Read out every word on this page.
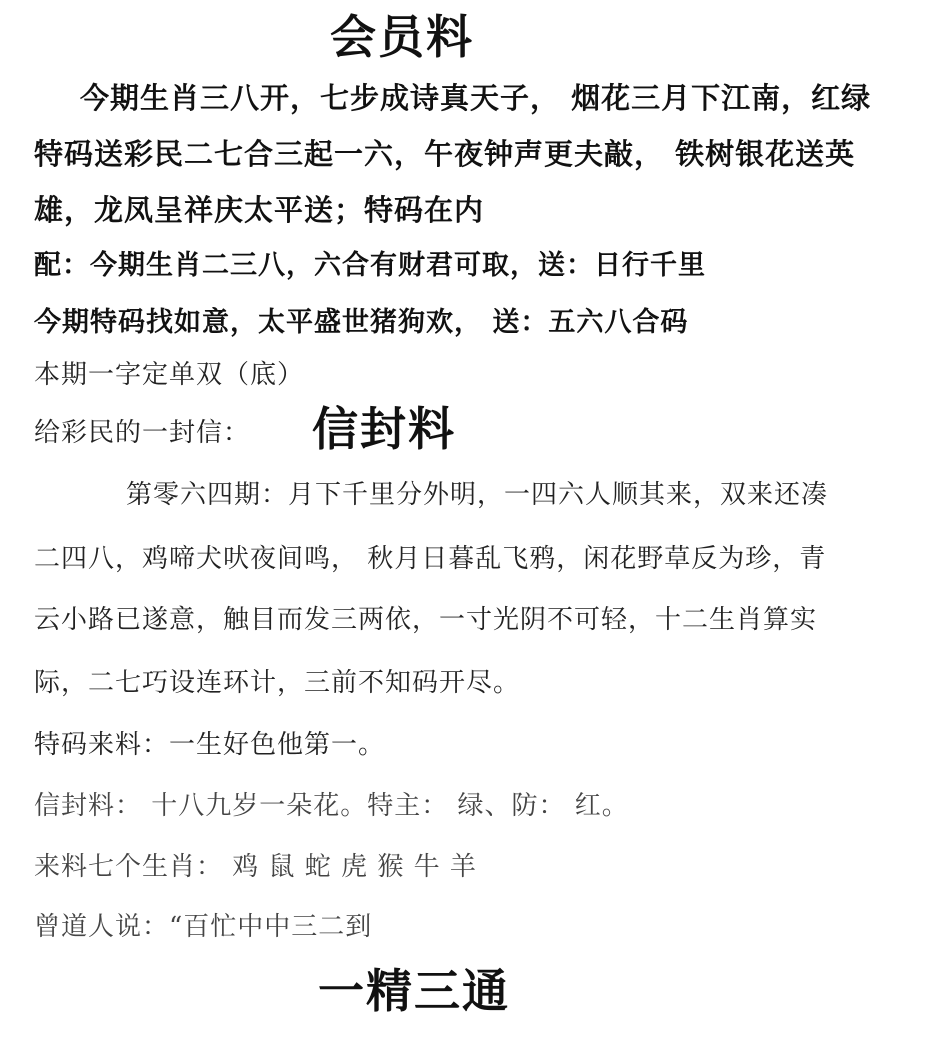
会员料
今期生肖三八开，七步成诗真天子， 烟花三月下江南，红绿
特码送彩民二七合三起一六，午夜钟声更夫敲， 铁树银花送英
雄，龙凤呈祥庆太平送；特码在内
配：今期生肖二三八，六合有财君可取，送：日行千里
今期特码找如意，太平盛世猪狗欢， 送：五六八合码
本期一字定单双（底）
给彩民的一封信： 信封料
第零六四期：月下千里分外明，一四六人顺其来，双来还凑
二四八，鸡啼犬吠夜间鸣， 秋月日暮乱飞鸦，闲花野草反为珍，青
云小路已遂意，触目而发三两依，一寸光阴不可轻，十二生肖算实
际，二七巧设连环计，三前不知码开尽。
特码来料：一生好色他第一。
信封料： 十八九岁一朵花。特主： 绿、防： 红。
来料七个生肖： 鸡 鼠 蛇 虎 猴 牛 羊
曾道人说：“百忙中中三二到
一精三通
